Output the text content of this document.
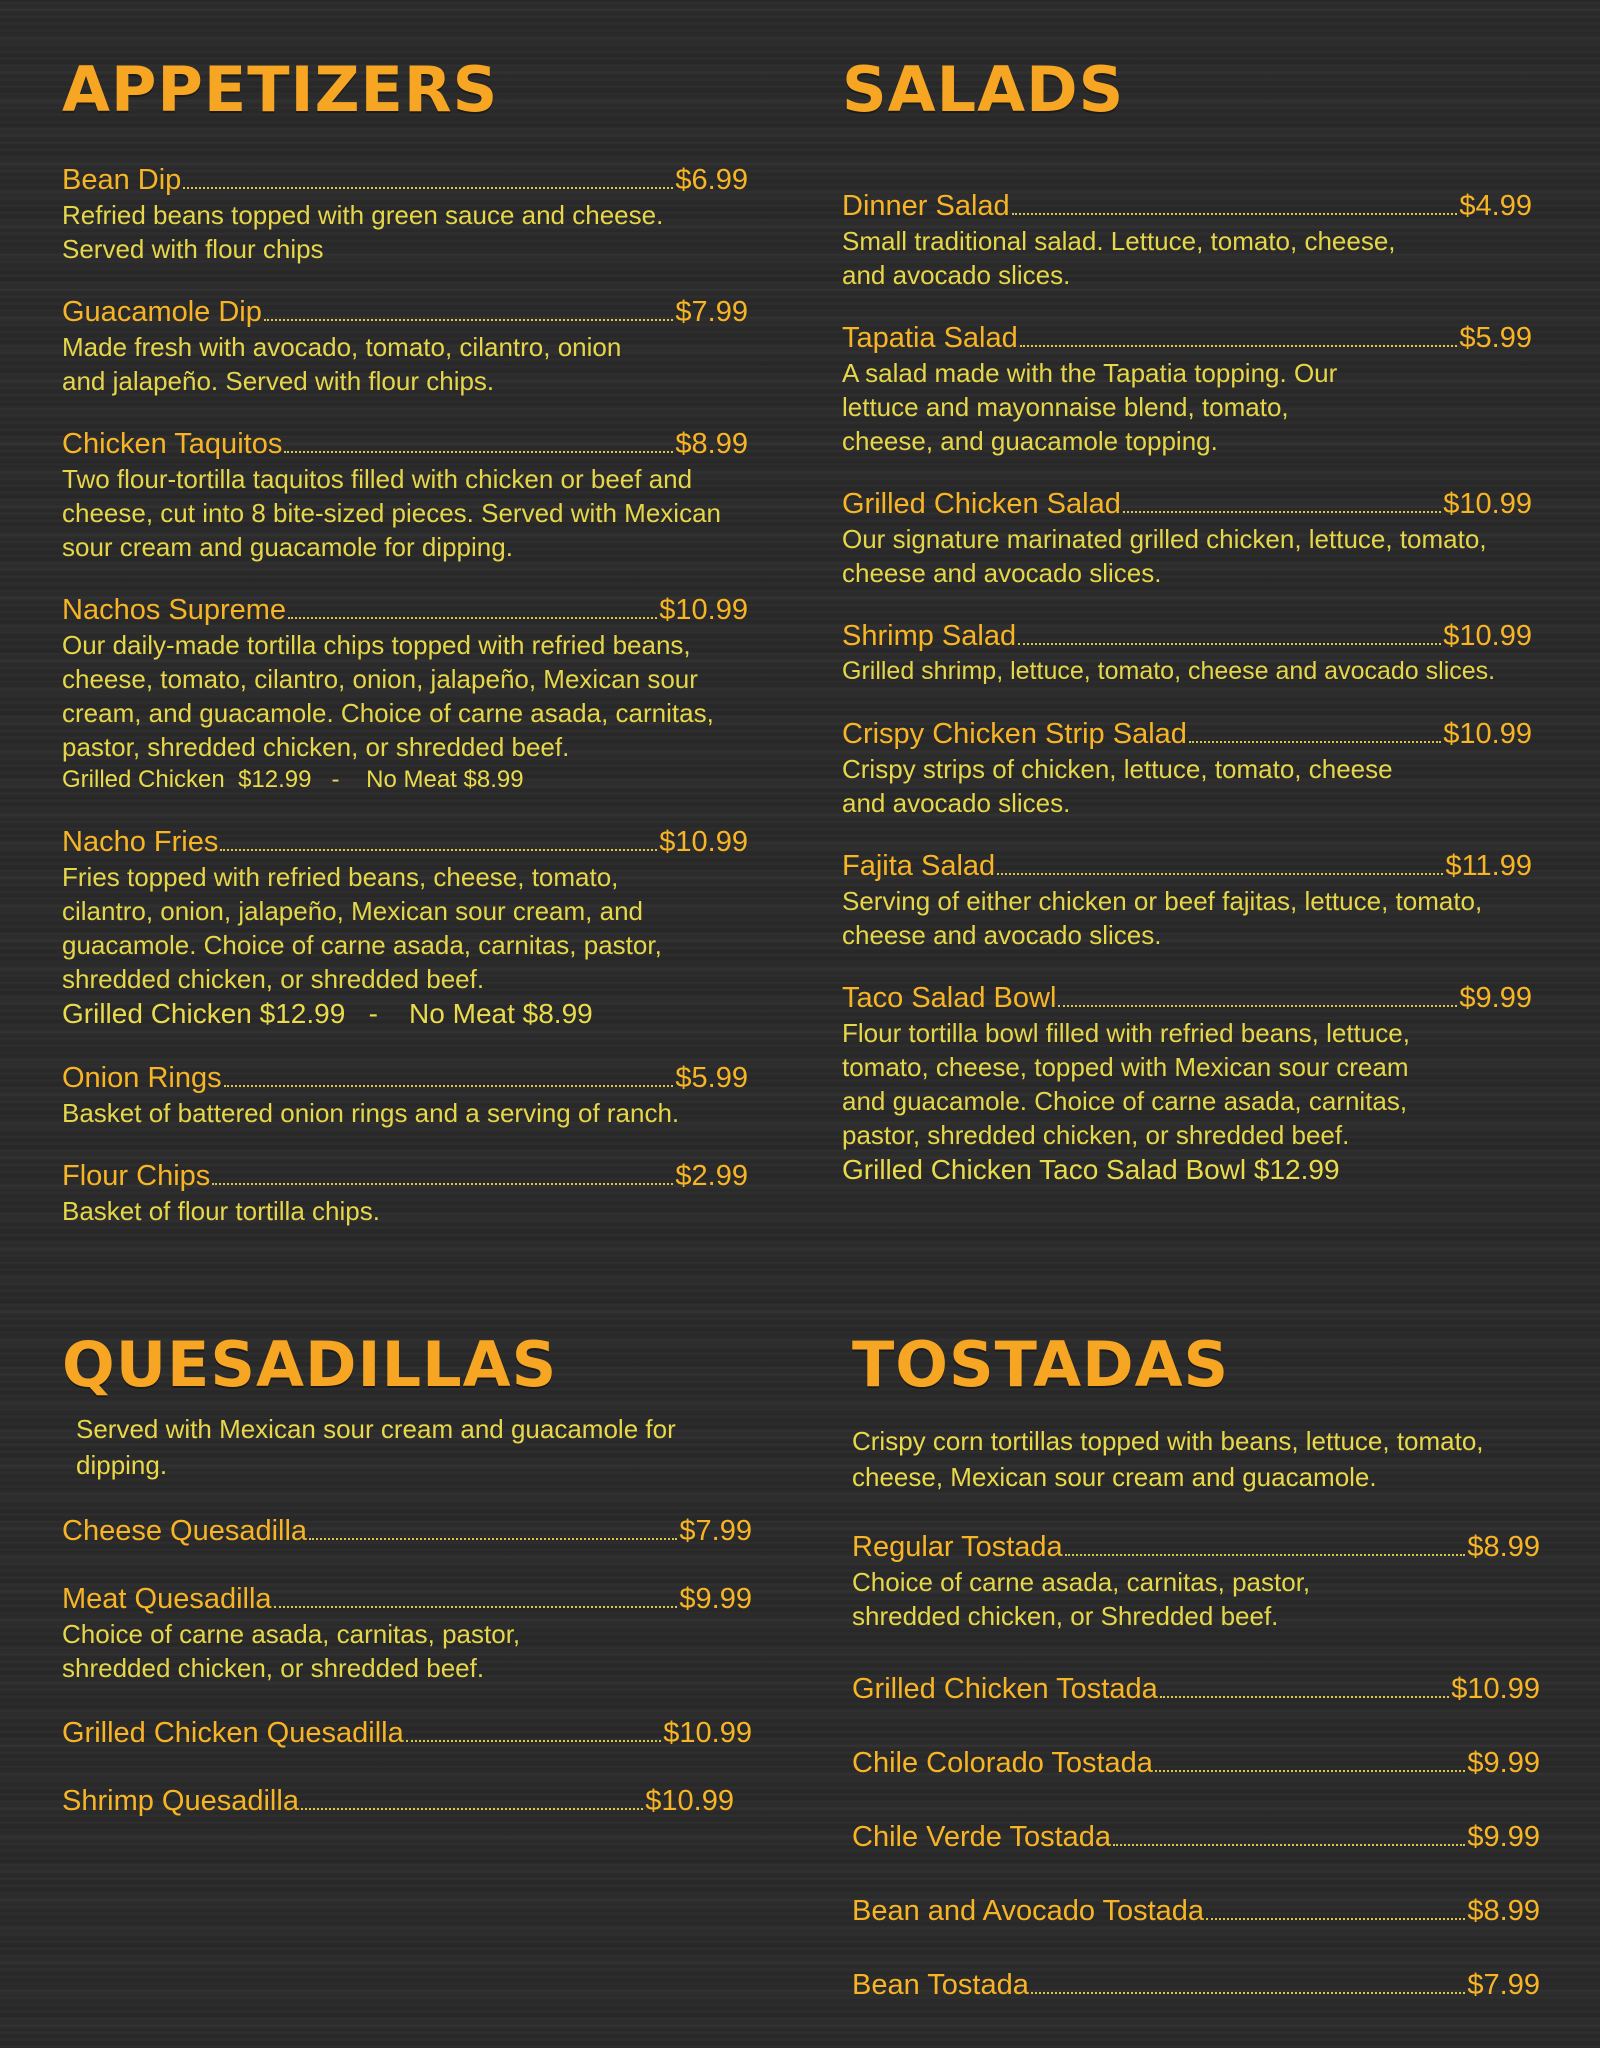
APPETIZERS
Bean Dip	$6.99
Refried beans topped with green sauce and cheese. Served with flour chips
Guacamole Dip	$7.99
Made fresh with avocado, tomato, cilantro, onion and jalapeño. Served with flour chips.
Chicken Taquitos	$8.99
Two flour-tortilla taquitos filled with chicken or beef and cheese, cut into 8 bite-sized pieces. Served with Mexican sour cream and guacamole for dipping.
Nachos Supreme	$10.99
Our daily-made tortilla chips topped with refried beans, cheese, tomato, cilantro, onion, jalapeño, Mexican sour cream, and guacamole. Choice of carne asada, carnitas, pastor, shredded chicken, or shredded beef.
Grilled Chicken  $12.99   -    No Meat $8.99
Nacho Fries	$10.99
Fries topped with refried beans, cheese, tomato, cilantro, onion, jalapeño, Mexican sour cream, and guacamole. Choice of carne asada, carnitas, pastor, shredded chicken, or shredded beef.
Grilled Chicken $12.99   -    No Meat $8.99
Onion Rings	$5.99
Basket of battered onion rings and a serving of ranch.
Flour Chips	$2.99
Basket of flour tortilla chips.
SALADS
Dinner Salad	$4.99
Small traditional salad. Lettuce, tomato, cheese, and avocado slices.
Tapatia Salad	$5.99
A salad made with the Tapatia topping. Our lettuce and mayonnaise blend, tomato, cheese, and guacamole topping.
Grilled Chicken Salad	$10.99
Our signature marinated grilled chicken, lettuce, tomato, cheese and avocado slices.
Shrimp Salad	$10.99
Grilled shrimp, lettuce, tomato, cheese and avocado slices.
Crispy Chicken Strip Salad	$10.99
Crispy strips of chicken, lettuce, tomato, cheese and avocado slices.
Fajita Salad	$11.99
Serving of either chicken or beef fajitas, lettuce, tomato, cheese and avocado slices.
Taco Salad Bowl	$9.99
Flour tortilla bowl filled with refried beans, lettuce, tomato, cheese, topped with Mexican sour cream and guacamole. Choice of carne asada, carnitas, pastor, shredded chicken, or shredded beef.
Grilled Chicken Taco Salad Bowl $12.99
QUESADILLAS
Served with Mexican sour cream and guacamole for dipping.
Cheese Quesadilla	$7.99
Meat Quesadilla	$9.99
Choice of carne asada, carnitas, pastor, shredded chicken, or shredded beef.
Grilled Chicken Quesadilla	$10.99
Shrimp Quesadilla	$10.99
TOSTADAS
Crispy corn tortillas topped with beans, lettuce, tomato, cheese, Mexican sour cream and guacamole.
Regular Tostada	$8.99
Choice of carne asada, carnitas, pastor, shredded chicken, or Shredded beef.
Grilled Chicken Tostada	$10.99
Chile Colorado Tostada	$9.99
Chile Verde Tostada	$9.99
Bean and Avocado Tostada	$8.99
Bean Tostada	$7.99
